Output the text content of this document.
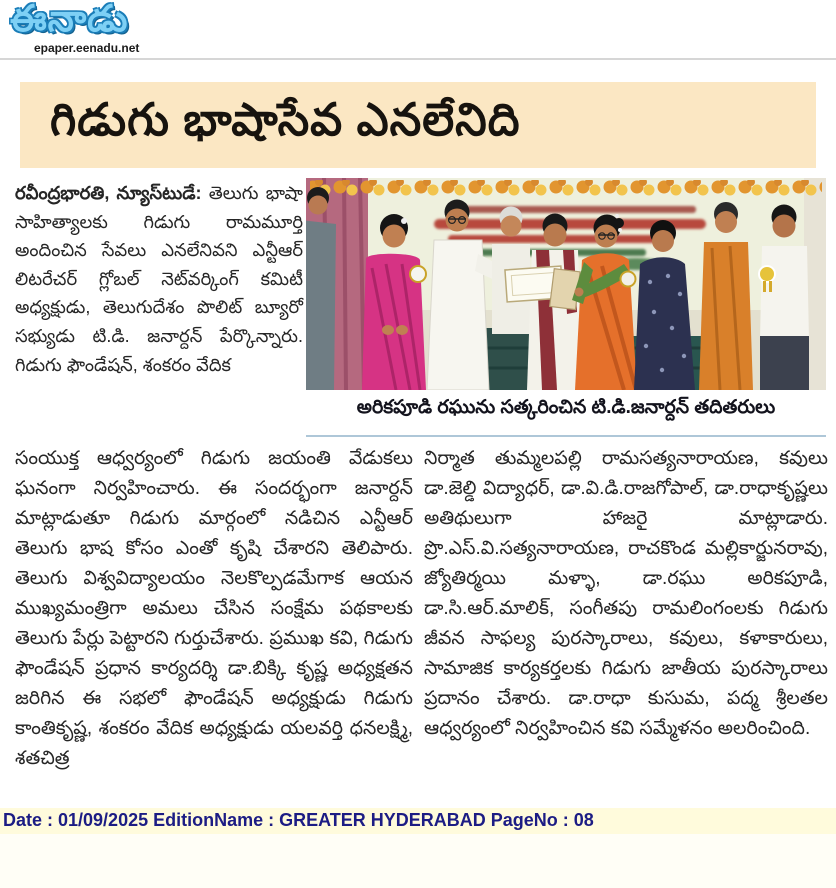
ఈనాడు
epaper.eenadu.net
గిడుగు భాషాసేవ ఎనలేనిది
రవీంద్రభారతి, న్యూస్‌టుడే: తెలుగు భాషా సాహిత్యాలకు గిడుగు రామమూర్తి అందించిన సేవలు ఎనలేనివని ఎన్టీఆర్ లిటరేచర్ గ్లోబల్ నెట్‌వర్కింగ్ కమిటీ అధ్యక్షుడు, తెలుగుదేశం పొలిట్ బ్యూరో సభ్యుడు టి.డి. జనార్దన్ పేర్కొన్నారు. గిడుగు ఫౌండేషన్, శంకరం వేదిక
అరికపూడి రఘును సత్కరించిన టి.డి.జనార్దన్ తదితరులు
సంయుక్త ఆధ్వర్యంలో గిడుగు జయంతి వేడుకలు ఘనంగా నిర్వహించారు. ఈ సందర్భంగా జనార్దన్ మాట్లాడుతూ గిడుగు మార్గంలో నడిచిన ఎన్టీఆర్ తెలుగు భాష కోసం ఎంతో కృషి చేశారని తెలిపారు. తెలుగు విశ్వవిద్యాలయం నెలకొల్పడమేగాక ఆయన ముఖ్యమంత్రిగా అమలు చేసిన సంక్షేమ పథకాలకు తెలుగు పేర్లు పెట్టారని గుర్తుచేశారు. ప్రముఖ కవి, గిడుగు ఫౌండేషన్ ప్రధాన కార్యదర్శి డా.బిక్కి కృష్ణ అధ్యక్షతన జరిగిన ఈ సభలో ఫౌండేషన్ అధ్యక్షుడు గిడుగు కాంతికృష్ణ, శంకరం వేదిక అధ్యక్షుడు యలవర్తి ధనలక్ష్మి, శతచిత్ర
నిర్మాత తుమ్మలపల్లి రామసత్యనారాయణ, కవులు డా.జెల్డి విద్యాధర్, డా.వి.డి.రాజగోపాల్, డా.రాధాకృష్ణలు అతిథులుగా హాజరై మాట్లాడారు. ప్రొ.ఎస్.వి.సత్యనారాయణ, రాచకొండ మల్లికార్జునరావు, జ్యోతిర్మయి మళ్ళా, డా.రఘు అరికపూడి, డా.సి.ఆర్.మాలిక్, సంగీతపు రామలింగంలకు గిడుగు జీవన సాఫల్య పురస్కారాలు, కవులు, కళాకారులు, సామాజిక కార్యకర్తలకు గిడుగు జాతీయ పురస్కారాలు ప్రదానం చేశారు. డా.రాధా కుసుమ, పద్మ శ్రీలతల ఆధ్వర్యంలో నిర్వహించిన కవి సమ్మేళనం అలరించింది.
Date : 01/09/2025 EditionName : GREATER HYDERABAD PageNo : 08
